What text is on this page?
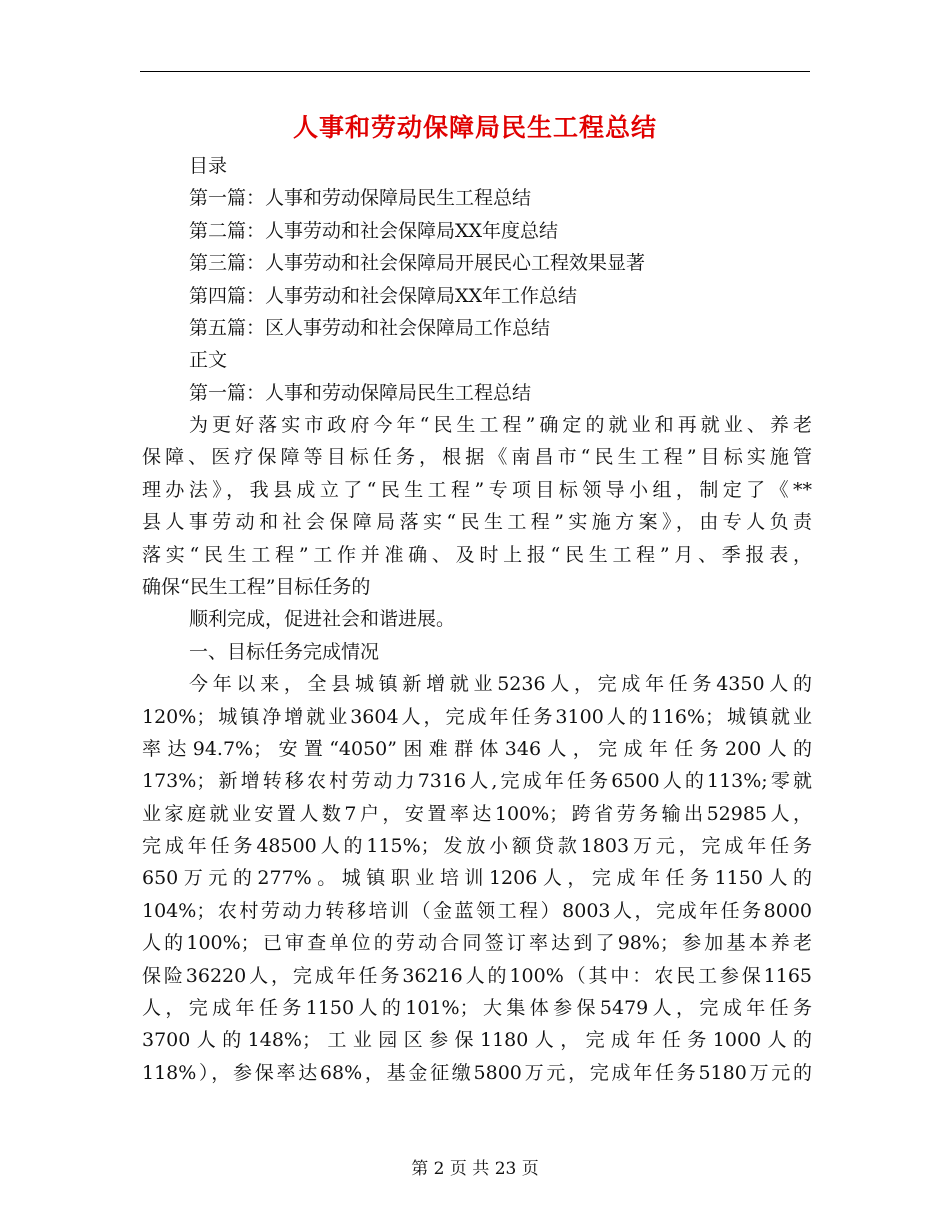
人事和劳动保障局民生工程总结
目录
第一篇：人事和劳动保障局民生工程总结
第二篇：人事劳动和社会保障局XX年度总结
第三篇：人事劳动和社会保障局开展民心工程效果显著
第四篇：人事劳动和社会保障局XX年工作总结
第五篇：区人事劳动和社会保障局工作总结
正文
第一篇：人事和劳动保障局民生工程总结
为更好落实市政府今年“民生工程”确定的就业和再就业、养老
保障、医疗保障等目标任务，根据《南昌市“民生工程”目标实施管
理办法》，我县成立了“民生工程”专项目标领导小组，制定了《**
县人事劳动和社会保障局落实“民生工程”实施方案》，由专人负责
落实“民生工程”工作并准确、及时上报“民生工程”月、季报表，
确保“民生工程”目标任务的
顺利完成，促进社会和谐进展。
一、目标任务完成情况
今年以来，全县城镇新增就业5236人，完成年任务4350人的
120%；城镇净增就业3604人，完成年任务3100人的116%；城镇就业
率达94.7%；安置“4050”困难群体346人，完成年任务200人的
173%；新增转移农村劳动力7316人,完成年任务6500人的113%;零就
业家庭就业安置人数7户，安置率达100%；跨省劳务输出52985人，
完成年任务48500人的115%；发放小额贷款1803万元，完成年任务
650万元的277%。城镇职业培训1206人，完成年任务1150人的
104%；农村劳动力转移培训（金蓝领工程）8003人，完成年任务8000
人的100%；已审查单位的劳动合同签订率达到了98%；参加基本养老
保险36220人，完成年任务36216人的100%（其中：农民工参保1165
人，完成年任务1150人的101%；大集体参保5479人，完成年任务
3700人的148%；工业园区参保1180人，完成年任务1000人的
118%），参保率达68%，基金征缴5800万元，完成年任务5180万元的
第 2 页 共 23 页
